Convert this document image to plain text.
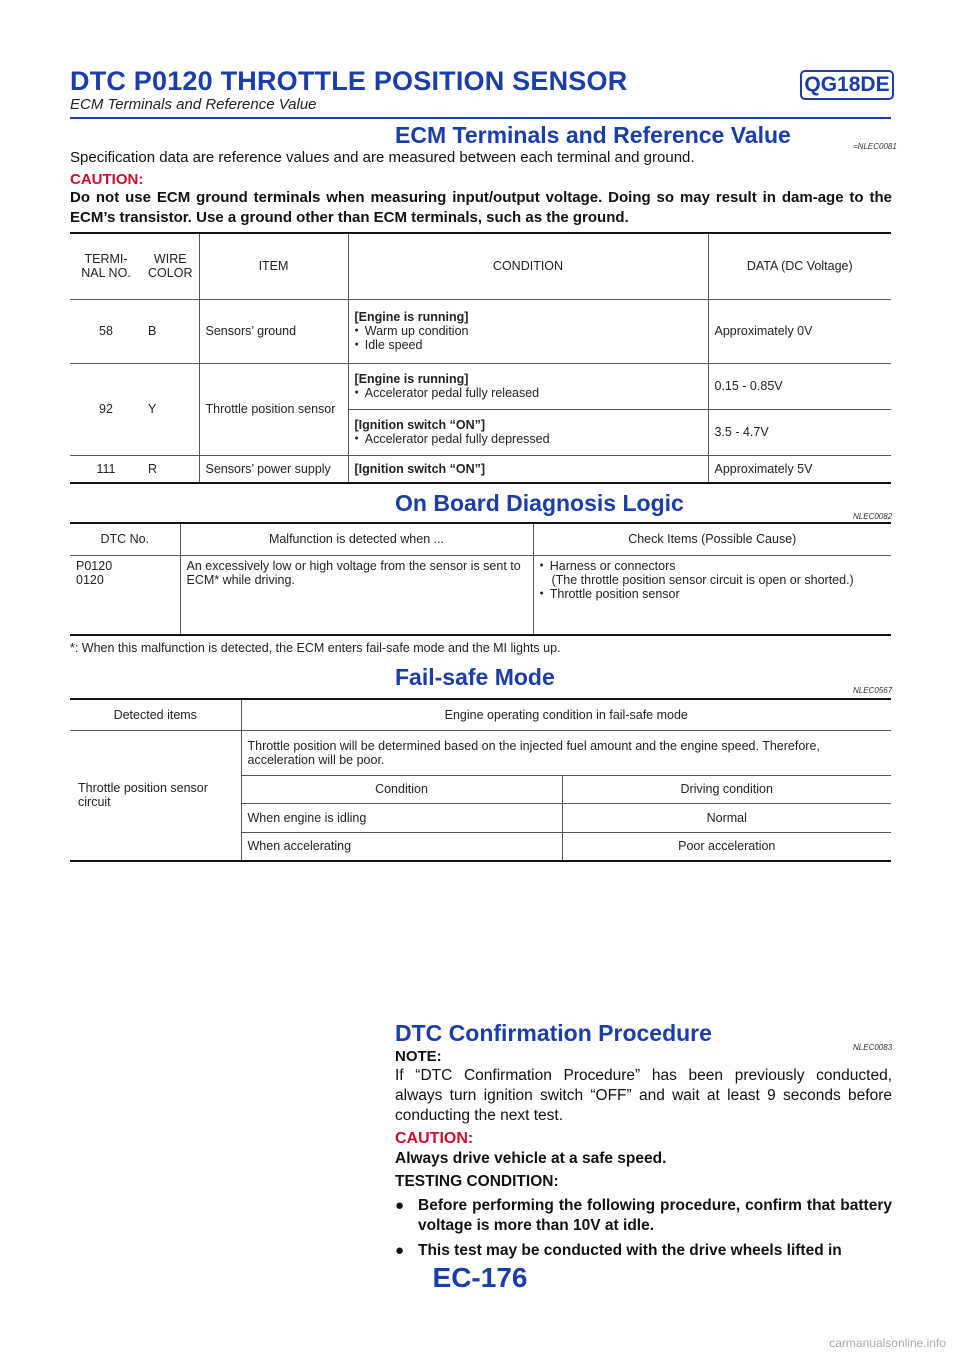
DTC P0120 THROTTLE POSITION SENSOR	QG18DE
ECM Terminals and Reference Value
ECM Terminals and Reference Value	=NLEC0081
Specification data are reference values and are measured between each terminal and ground.
CAUTION:
Do not use ECM ground terminals when measuring input/output voltage. Doing so may result in dam-age to the ECM’s transistor. Use a ground other than ECM terminals, such as the ground.
TERMI-NAL NO.	WIRE COLOR	ITEM	CONDITION	DATA (DC Voltage)
58	B	Sensors’ ground	[Engine is running]
● Warm up condition
● Idle speed	Approximately 0V
92	Y	Throttle position sensor	[Engine is running]
● Accelerator pedal fully released	0.15 - 0.85V

			[Ignition switch “ON”]
● Accelerator pedal fully depressed	3.5 - 4.7V
111	R	Sensors’ power supply	[Ignition switch “ON”]	Approximately 5V
On Board Diagnosis Logic
NLEC0082
DTC No.	Malfunction is detected when ...	Check Items (Possible Cause)

P0120
0120	An excessively low or high voltage from the sensor is sent to ECM* while driving.	● Harness or connectors
(The throttle position sensor circuit is open or shorted.)
● Throttle position sensor
*: When this malfunction is detected, the ECM enters fail-safe mode and the MI lights up.
Fail-safe Mode
NLEC0567
Detected items	Engine operating condition in fail-safe mode	
Throttle position sensor circuit	Throttle position will be determined based on the injected fuel amount and the engine speed. Therefore, acceleration will be poor.	
	Condition	Driving condition
	When engine is idling	Normal
	When accelerating	Poor acceleration
DTC Confirmation Procedure
NLEC0083
NOTE:
If “DTC Confirmation Procedure” has been previously conducted, always turn ignition switch “OFF” and wait at least 9 seconds before conducting the next test.
CAUTION:
Always drive vehicle at a safe speed.
TESTING CONDITION:
● Before performing the following procedure, confirm that battery voltage is more than 10V at idle.
● This test may be conducted with the drive wheels lifted in
EC-176
carmanualsonline.info
